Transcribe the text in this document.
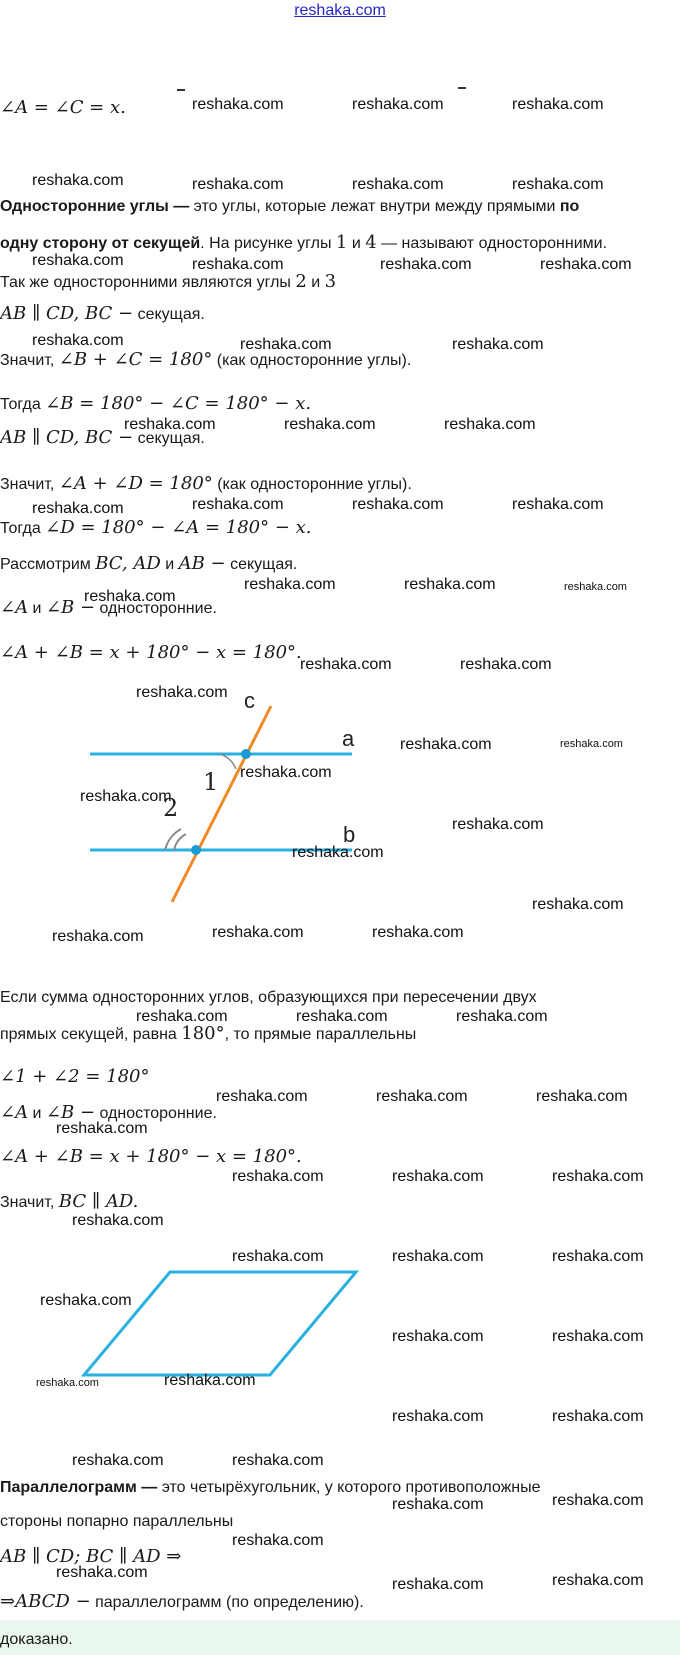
reshaka.com
∠A = ∠C = x.
Односторонние углы — это углы, которые лежат внутри между прямыми по
одну сторону от секущей. На рисунке углы 1 и 4 — называют односторонними.
Так же односторонними являются углы 2 и 3
AB ∥ CD, BC − секущая.
Значит, ∠B + ∠C = 180° (как односторонние углы).
Тогда ∠B = 180° − ∠C = 180° − x.
AB ∥ CD, BC − секущая.
Значит, ∠A + ∠D = 180° (как односторонние углы).
Тогда ∠D = 180° − ∠A = 180° − x.
Рассмотрим BC, AD и AB − секущая.
∠A и ∠B − односторонние.
∠A + ∠B = x + 180° − x = 180°.
c
a
b
1
2
Если сумма односторонних углов, образующихся при пересечении двух
прямых секущей, равна 180°, то прямые параллельны
∠1 + ∠2 = 180°
∠A и ∠B − односторонние.
∠A + ∠B = x + 180° − x = 180°.
Значит, BC ∥ AD.
Параллелограмм — это четырёхугольник, у которого противоположные
стороны попарно параллельны
AB ∥ CD; BC ∥ AD ⇒
⇒ABCD − параллелограмм (по определению).
доказано.
reshaka.com	reshaka.com	reshaka.com
reshaka.com	reshaka.com	reshaka.com	reshaka.com
reshaka.com	reshaka.com	reshaka.com	reshaka.com
reshaka.com	reshaka.com	reshaka.com
reshaka.com	reshaka.com	reshaka.com
reshaka.com	reshaka.com	reshaka.com	reshaka.com
reshaka.com	reshaka.com	reshaka.com
reshaka.com
reshaka.com	reshaka.com
reshaka.com
reshaka.com	reshaka.com
reshaka.com
reshaka.com
reshaka.com
reshaka.com
reshaka.com
reshaka.com	reshaka.com	reshaka.com
reshaka.com	reshaka.com	reshaka.com
reshaka.com	reshaka.com	reshaka.com
reshaka.com
reshaka.com	reshaka.com	reshaka.com
reshaka.com
reshaka.com	reshaka.com	reshaka.com
reshaka.com
reshaka.com	reshaka.com
reshaka.com	reshaka.com
reshaka.com	reshaka.com
reshaka.com	reshaka.com
reshaka.com
reshaka.com
reshaka.com
reshaka.com
reshaka.com	reshaka.com
